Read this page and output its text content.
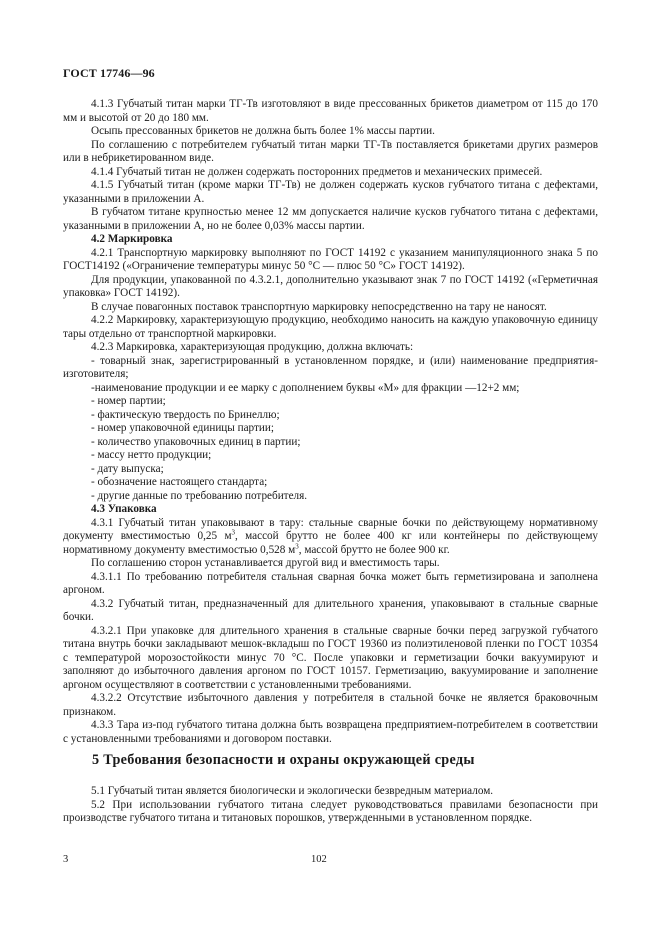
ГОСТ 17746—96

4.1.3 Губчатый титан марки ТГ-Тв изготовляют в виде прессованных брикетов диаметром от 115 до 170 мм и высотой от 20 до 180 мм.

Осыпь прессованных брикетов не должна быть более 1% массы партии.

По соглашению с потребителем губчатый титан марки ТГ-Тв поставляется брикетами других размеров или в небрикетированном виде.

4.1.4 Губчатый титан не должен содержать посторонних предметов и механических примесей.

4.1.5 Губчатый титан (кроме марки ТГ-Тв) не должен содержать кусков губчатого титана с дефектами, указанными в приложении А.

В губчатом титане крупностью менее 12 мм допускается наличие кусков губчатого титана с дефектами, указанными в приложении А, но не более 0,03% массы партии.

4.2 Маркировка

4.2.1 Транспортную маркировку выполняют по ГОСТ 14192 с указанием манипуляционного знака 5 по ГОСТ14192 («Ограничение температуры минус 50 °С — плюс 50 °С» ГОСТ 14192).

Для продукции, упакованной по 4.3.2.1, дополнительно указывают знак 7 по ГОСТ 14192 («Герметичная упаковка» ГОСТ 14192).

В случае повагонных поставок транспортную маркировку непосредственно на тару не наносят.

4.2.2 Маркировку, характеризующую продукцию, необходимо наносить на каждую упаковочную единицу тары отдельно от транспортной маркировки.

4.2.3 Маркировка, характеризующая продукцию, должна включать:

- товарный знак, зарегистрированный в установленном порядке, и (или) наименование предприятия-изготовителя;

-наименование продукции и ее марку с дополнением буквы «М» для фракции —12+2 мм;

- номер партии;

- фактическую твердость по Бринеллю;

- номер упаковочной единицы партии;

- количество упаковочных единиц в партии;

- массу нетто продукции;

- дату выпуска;

- обозначение настоящего стандарта;

- другие данные по требованию потребителя.

4.3 Упаковка

4.3.1 Губчатый титан упаковывают в тару: стальные сварные бочки по действующему нормативному документу вместимостью 0,25 $м^3$, массой брутто не более 400 кг или контейнеры по действующему нормативному документу вместимостью 0,528 $м^3$, массой брутто не более 900 кг.

По соглашению сторон устанавливается другой вид и вместимость тары.

4.3.1.1 По требованию потребителя стальная сварная бочка может быть герметизирована и заполнена аргоном.

4.3.2 Губчатый титан, предназначенный для длительного хранения, упаковывают в стальные сварные бочки.

4.3.2.1 При упаковке для длительного хранения в стальные сварные бочки перед загрузкой губчатого титана внутрь бочки закладывают мешок-вкладыш по ГОСТ 19360 из полиэтиленовой пленки по ГОСТ 10354 с температурой морозостойкости минус 70 °С. После упаковки и герметизации бочки вакуумируют и заполняют до избыточного давления аргоном по ГОСТ 10157. Герметизацию, вакуумирование и заполнение аргоном осуществляют в соответствии с установленными требованиями.

4.3.2.2 Отсутствие избыточного давления у потребителя в стальной бочке не является браковочным признаком.

4.3.3 Тара из-под губчатого титана должна быть возвращена предприятием-потребителем в соответствии с установленными требованиями и договором поставки.

5 Требования безопасности и охраны окружающей среды

5.1 Губчатый титан является биологически и экологически безвредным материалом.

5.2 При использовании губчатого титана следует руководствоваться правилами безопасности при производстве губчатого титана и титановых порошков, утвержденными в установленном порядке.

3	102
